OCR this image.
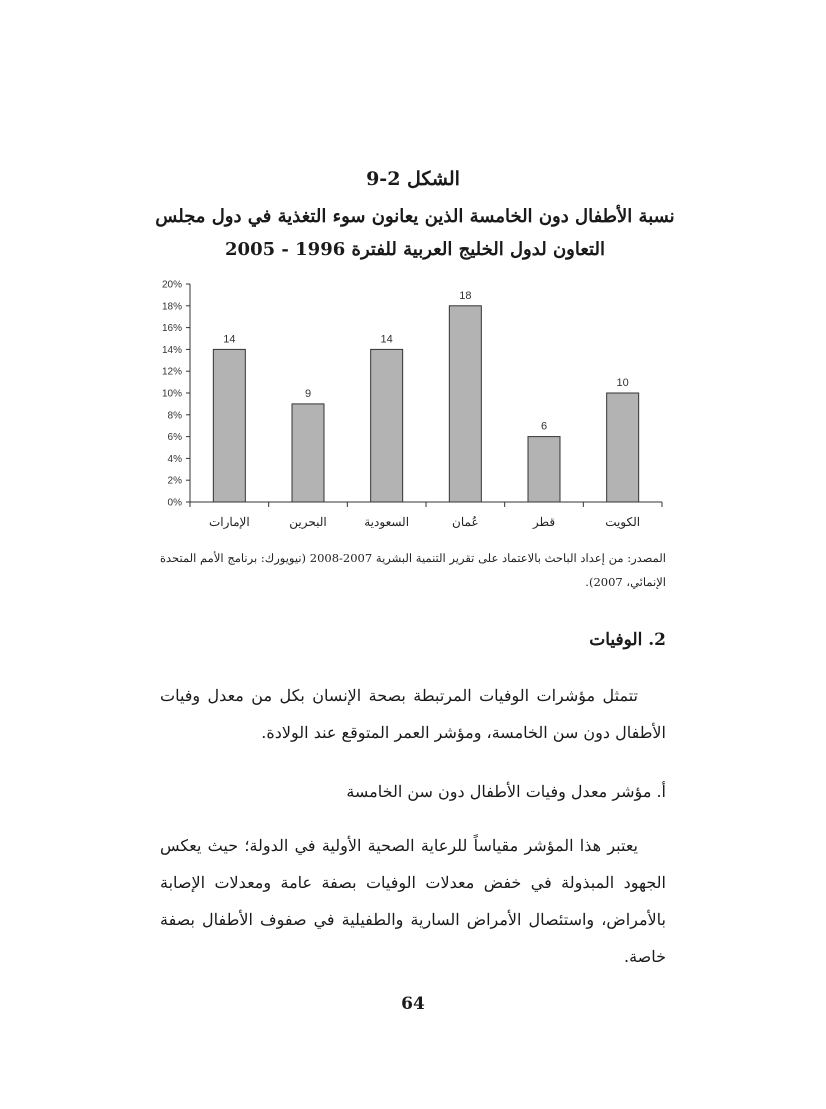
الشكل 2-9
نسبة الأطفال دون الخامسة الذين يعانون سوء التغذية في دول مجلس التعاون لدول الخليج العربية للفترة 1996 - 2005
0%
2%
4%
6%
8%
10%
12%
14%
16%
18%
20%
الإمارات	البحرين	السعودية	عُمان	قطر	الكويت
14
9
14
18
6
10
المصدر: من إعداد الباحث بالاعتماد على تقرير التنمية البشرية 2007-2008 (نيويورك: برنامج الأمم المتحدة الإنمائي، 2007).
2. الوفيات
تتمثل مؤشرات الوفيات المرتبطة بصحة الإنسان بكل من معدل وفيات الأطفال دون سن الخامسة، ومؤشر العمر المتوقع عند الولادة.
أ. مؤشر معدل وفيات الأطفال دون سن الخامسة
يعتبر هذا المؤشر مقياساً للرعاية الصحية الأولية في الدولة؛ حيث يعكس الجهود المبذولة في خفض معدلات الوفيات بصفة عامة ومعدلات الإصابة بالأمراض، واستئصال الأمراض السارية والطفيلية في صفوف الأطفال بصفة خاصة.
64
